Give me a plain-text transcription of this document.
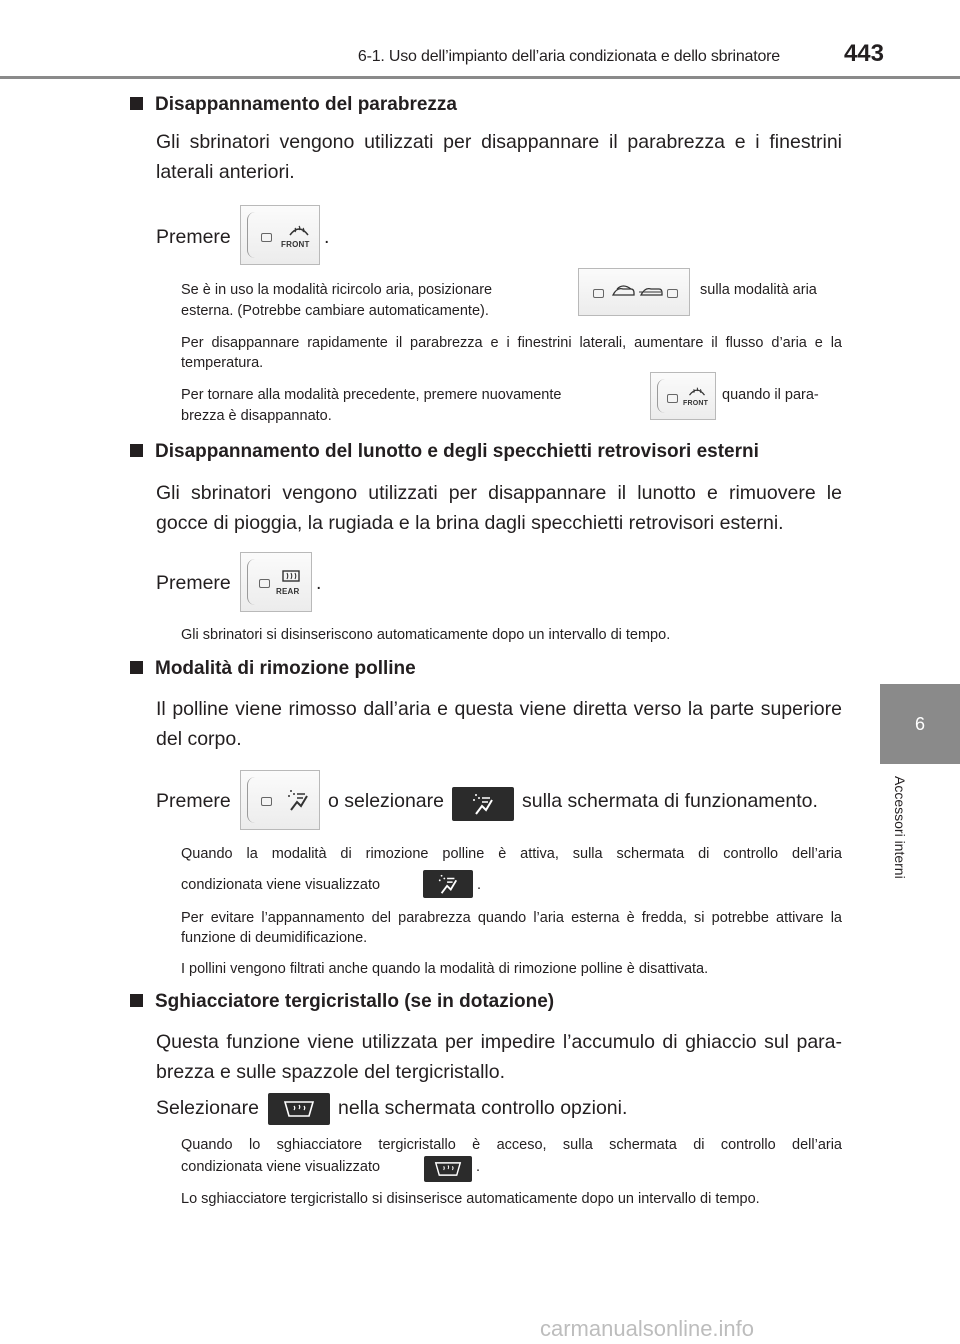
6-1. Uso dell’impianto dell’aria condizionata e dello sbrinatore	443
6
Accessori interni
Disappannamento del parabrezza
Gli sbrinatori vengono utilizzati per disappannare il parabrezza e i finestrini
laterali anteriori.
Premere	FRONT .
Se è in uso la modalità ricircolo aria, posizionare	sulla modalità aria
esterna. (Potrebbe cambiare automaticamente).
Per disappannare rapidamente il parabrezza e i finestrini laterali, aumentare il flusso d’aria e la temperatura.
Per tornare alla modalità precedente, premere nuovamente
FRONT
quando il para-
brezza è disappannato.
Disappannamento del lunotto e degli specchietti retrovisori esterni
Gli sbrinatori vengono utilizzati per disappannare il lunotto e rimuovere le gocce di pioggia, la rugiada e la brina dagli specchietti retrovisori esterni.
Premere	REAR .
Gli sbrinatori si disinseriscono automaticamente dopo un intervallo di tempo.
Modalità di rimozione polline
Il polline viene rimosso dall’aria e questa viene diretta verso la parte superiore del corpo.
Premere	o selezionare	sulla schermata di funzionamento.
Quando la modalità di rimozione polline è attiva, sulla schermata di controllo dell’aria
condizionata viene visualizzato	.
Per evitare l’appannamento del parabrezza quando l’aria esterna è fredda, si potrebbe attivare la funzione di deumidificazione.
I pollini vengono filtrati anche quando la modalità di rimozione polline è disattivata.
Sghiacciatore tergicristallo (se in dotazione)
Questa funzione viene utilizzata per impedire l’accumulo di ghiaccio sul para-brezza e sulle spazzole del tergicristallo.
Selezionare	nella schermata controllo opzioni.
Quando lo sghiacciatore tergicristallo è acceso, sulla schermata di controllo dell’aria
condizionata viene visualizzato	.
Lo sghiacciatore tergicristallo si disinserisce automaticamente dopo un intervallo di tempo.
carmanualsonline.info
